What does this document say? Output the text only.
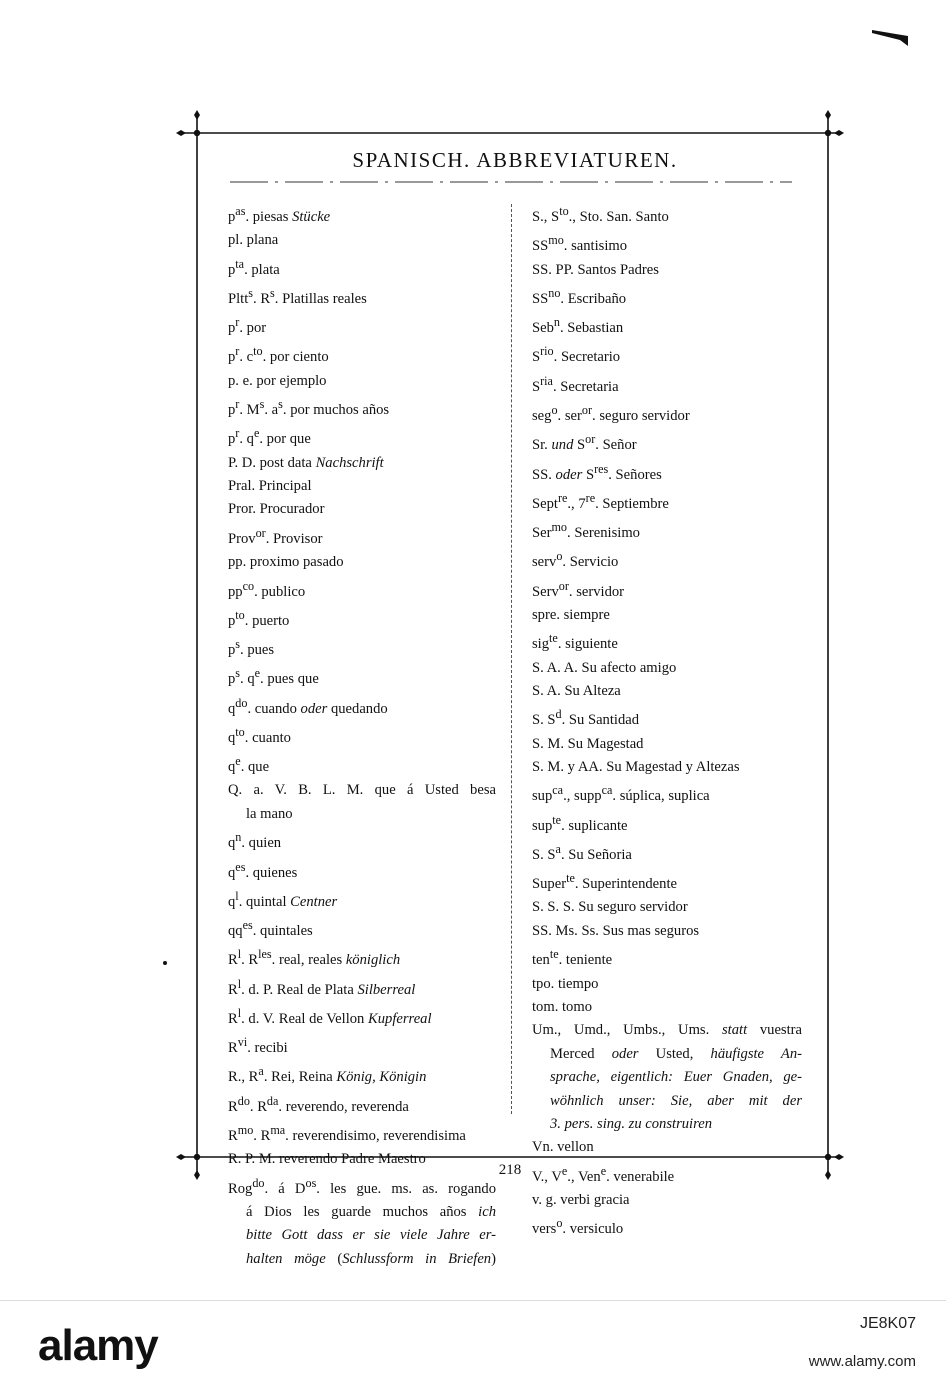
SPANISCH. ABBREVIATUREN.
$p^{as}$. piesas Stücke
pl. plana
$p^{ta}$. plata
Pltt$^s$. $R^s$. Platillas reales
$p^r$. por
$p^r$. $c^{to}$. por ciento
p. e. por ejemplo
$p^r$. $M^s$. $a^s$. por muchos años
$p^r$. $q^e$. por que
P. D. post data Nachschrift
Pral. Principal
Pror. Procurador
Prov$^{or}$. Provisor
pp. proximo pasado
$pp^{co}$. publico
$p^{to}$. puerto
$p^s$. pues
$p^s$. $q^e$. pues que
$q^{do}$. cuando oder quedando
$q^{to}$. cuanto
$q^e$. que
Q. a. V. B. L. M. que á Usted besa
la mano
$q^n$. quien
$q^{es}$. quienes
$q^l$. quintal Centner
$qq^{es}$. quintales
$R^l$. $R^{les}$. real, reales königlich
$R^l$. d. P. Real de Plata Silberreal
$R^l$. d. V. Real de Vellon Kupferreal
$R^{vi}$. recibi
R., $R^a$. Rei, Reina König, Königin
$R^{do}$. $R^{da}$. reverendo, reverenda
$R^{mo}$. $R^{ma}$. reverendisimo, reverendisima
R. P. M. reverendo Padre Maestro
Rog$^{do}$. á $D^{os}$. les gue. ms. as. rogando
á Dios les guarde muchos años ich
bitte Gott dass er sie viele Jahre er-
halten möge (Schlussform in Briefen)
S., $S^{to}$., Sto. San. Santo
$SS^{mo}$. santisimo
SS. PP. Santos Padres
$SS^{no}$. Escribaño
Seb$^n$. Sebastian
$S^{rio}$. Secretario
$S^{ria}$. Secretaria
seg$^o$. ser$^{or}$. seguro servidor
Sr. und $S^{or}$. Señor
SS. oder $S^{res}$. Señores
Sept$^{re}$., 7re. Septiembre
Ser$^{mo}$. Serenisimo
serv$^o$. Servicio
Serv$^{or}$. servidor
spre. siempre
sig$^{te}$. siguiente
S. A. A. Su afecto amigo
S. A. Su Alteza
S. $S^d$. Su Santidad
S. M. Su Magestad
S. M. y AA. Su Magestad y Altezas
sup$^{ca}$., supp$^{ca}$. súplica, suplica
sup$^{te}$. suplicante
S. $S^a$. Su Señoria
Super$^{te}$. Superintendente
S. S. S. Su seguro servidor
SS. Ms. Ss. Sus mas seguros
ten$^{te}$. teniente
tpo. tiempo
tom. tomo
Um., Umd., Umbs., Ums. statt vuestra
Merced oder Usted, häufigste An-
sprache, eigentlich: Euer Gnaden, ge-
wöhnlich unser: Sie, aber mit der
3. pers. sing. zu construiren
Vn. vellon
V., Ve., Ven$^e$. venerabile
v. g. verbi gracia
vers$^o$. versiculo
218
alamy	JE8K07
www.alamy.com
